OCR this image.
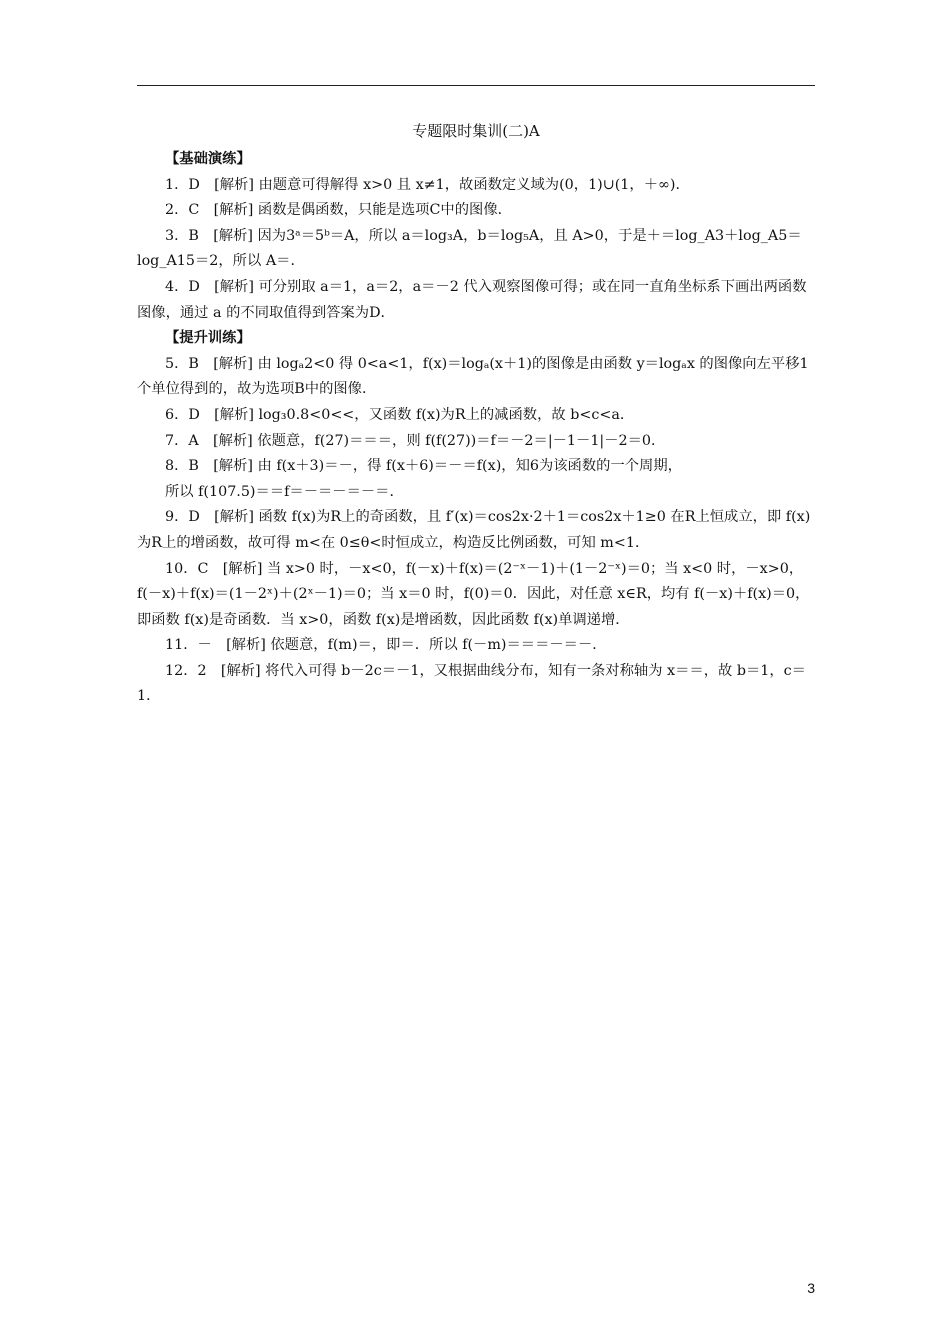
专题限时集训(二)A

【基础演练】

1．D　[解析] 由题意可得解得 x>0 且 x≠1，故函数定义域为(0，1)∪(1，＋∞)．

2．C　[解析] 函数是偶函数，只能是选项C中的图像．

3．B　[解析] 因为3ᵃ＝5ᵇ＝A，所以 a＝log₃A，b＝log₅A，且 A>0，于是＋＝log_A3＋log_A5＝log_A15＝2，所以 A＝．

4．D　[解析] 可分别取 a＝1，a＝2，a＝－2 代入观察图像可得；或在同一直角坐标系下画出两函数图像，通过 a 的不同取值得到答案为D．

【提升训练】

5．B　[解析] 由 logₐ2<0 得 0<a<1，f(x)＝logₐ(x＋1)的图像是由函数 y＝logₐx 的图像向左平移1个单位得到的，故为选项B中的图像．

6．D　[解析] log₃0.8<0<<，又函数 f(x)为R上的减函数，故 b<c<a．

7．A　[解析] 依题意，f(27)＝＝＝，则 f(f(27))＝f＝－2＝|－1－1|－2＝0．

8．B　[解析] 由 f(x＋3)＝－，得 f(x＋6)＝－＝f(x)，知6为该函数的一个周期，

所以 f(107.5)＝＝f＝－＝－＝－＝．

9．D　[解析] 函数 f(x)为R上的奇函数，且 f′(x)＝cos2x·2＋1＝cos2x＋1≥0 在R上恒成立，即 f(x)为R上的增函数，故可得 m<在 0≤θ<时恒成立，构造反比例函数，可知 m<1．

10．C　[解析] 当 x>0 时，－x<0，f(－x)＋f(x)＝(2⁻ˣ－1)＋(1－2⁻ˣ)＝0；当 x<0 时，－x>0，f(－x)＋f(x)＝(1－2ˣ)＋(2ˣ－1)＝0；当 x＝0 时，f(0)＝0．因此，对任意 x∈R，均有 f(－x)＋f(x)＝0，即函数 f(x)是奇函数．当 x>0，函数 f(x)是增函数，因此函数 f(x)单调递增．

11．－　[解析] 依题意，f(m)＝，即＝．所以 f(－m)＝＝＝－＝－．

12．2　[解析] 将代入可得 b－2c＝－1，又根据曲线分布，知有一条对称轴为 x＝＝，故 b＝1，c＝1．

3
